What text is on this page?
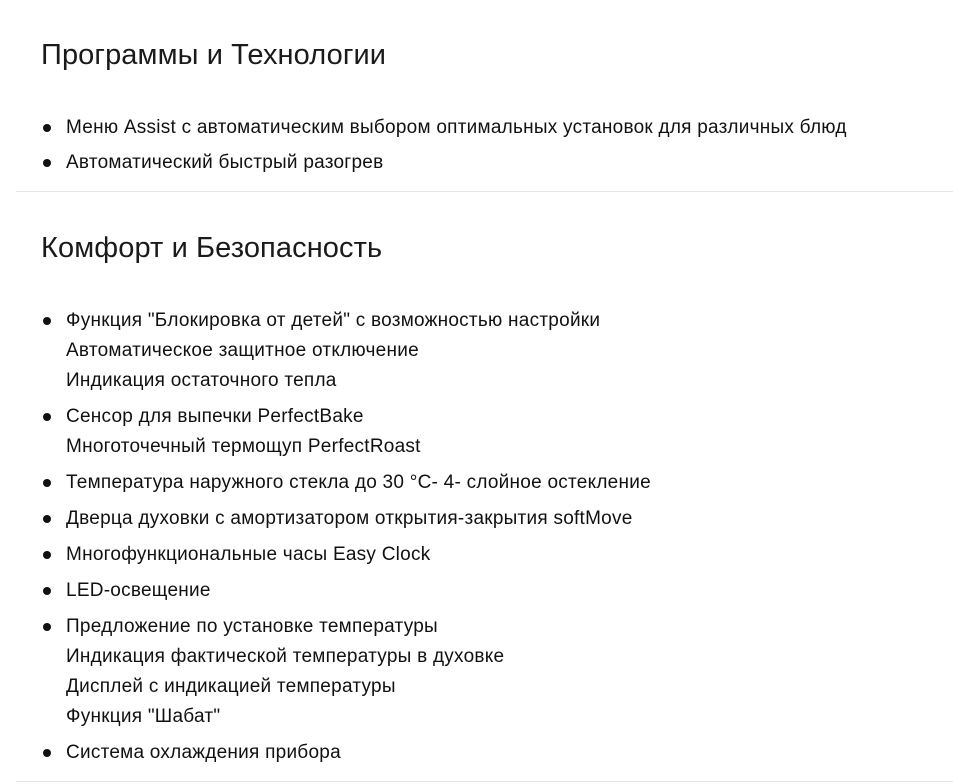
Программы и Технологии
Меню Assist с автоматическим выбором оптимальных установок для различных блюд
Автоматический быстрый разогрев
Комфорт и Безопасность
Функция "Блокировка от детей" с возможностью настройки
Автоматическое защитное отключение
Индикация остаточного тепла
Сенсор для выпечки PerfectBake
Многоточечный термощуп PerfectRoast
Температура наружного стекла до 30 °C- 4- слойное остекление
Дверца духовки с амортизатором открытия-закрытия softMove
Многофункциональные часы Easy Clock
LED-освещение
Предложение по установке температуры
Индикация фактической температуры в духовке
Дисплей с индикацией температуры
Функция "Шабат"
Система охлаждения прибора
